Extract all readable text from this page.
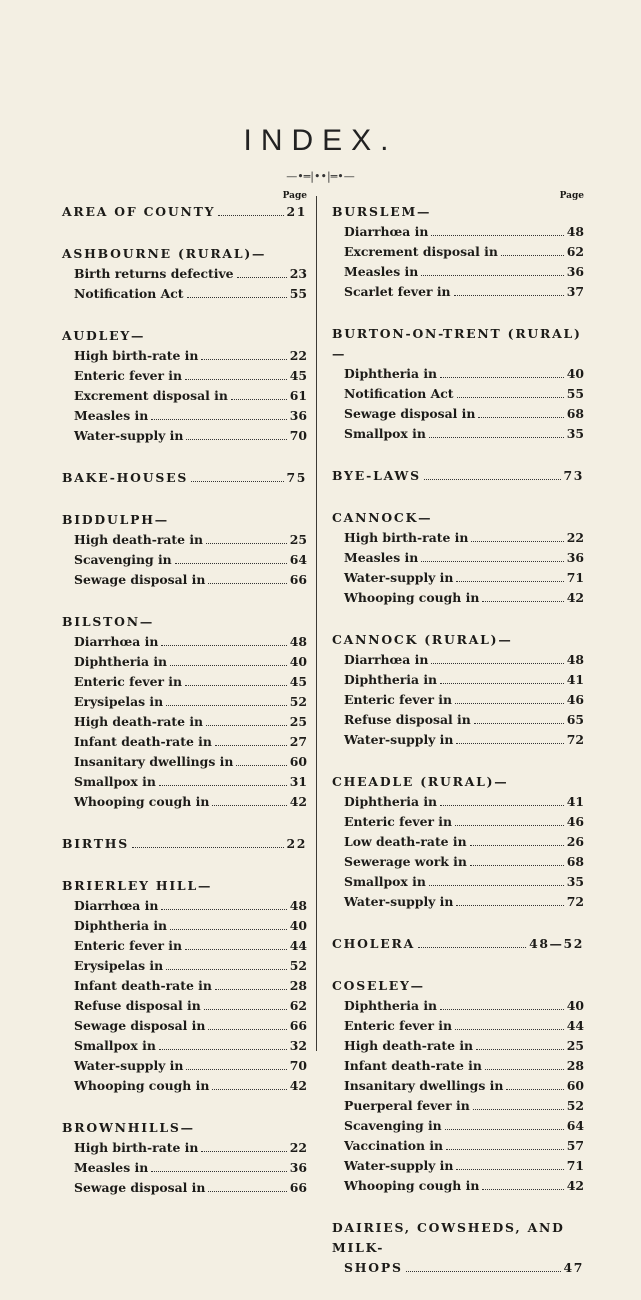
INDEX.
—•═|••|═•—
Page
AREA OF COUNTY	21
ASHBOURNE (RURAL)—
Birth returns defective	23
Notification Act	55
AUDLEY—
High birth-rate in	22
Enteric fever in	45
Excrement disposal in	61
Measles in	36
Water-supply in	70
BAKE-HOUSES	75
BIDDULPH—
High death-rate in	25
Scavenging in	64
Sewage disposal in	66
BILSTON—
Diarrhœa in	48
Diphtheria in	40
Enteric fever in	45
Erysipelas in	52
High death-rate in	25
Infant death-rate in	27
Insanitary dwellings in	60
Smallpox in	31
Whooping cough in	42
BIRTHS	22
BRIERLEY HILL—
Diarrhœa in	48
Diphtheria in	40
Enteric fever in	44
Erysipelas in	52
Infant death-rate in	28
Refuse disposal in	62
Sewage disposal in	66
Smallpox in	32
Water-supply in	70
Whooping cough in	42
BROWNHILLS—
High birth-rate in	22
Measles in	36
Sewage disposal in	66
Page
BURSLEM—
Diarrhœa in	48
Excrement disposal in	62
Measles in	36
Scarlet fever in	37
BURTON-ON-TRENT (RURAL)—
Diphtheria in	40
Notification Act	55
Sewage disposal in	68
Smallpox in	35
BYE-LAWS	73
CANNOCK—
High birth-rate in	22
Measles in	36
Water-supply in	71
Whooping cough in	42
CANNOCK (RURAL)—
Diarrhœa in	48
Diphtheria in	41
Enteric fever in	46
Refuse disposal in	65
Water-supply in	72
CHEADLE (RURAL)—
Diphtheria in	41
Enteric fever in	46
Low death-rate in	26
Sewerage work in	68
Smallpox in	35
Water-supply in	72
CHOLERA	48—52
COSELEY—
Diphtheria in	40
Enteric fever in	44
High death-rate in	25
Infant death-rate in	28
Insanitary dwellings in	60
Puerperal fever in	52
Scavenging in	64
Vaccination in	57
Water-supply in	71
Whooping cough in	42
DAIRIES, COWSHEDS, AND MILK-
SHOPS	47
